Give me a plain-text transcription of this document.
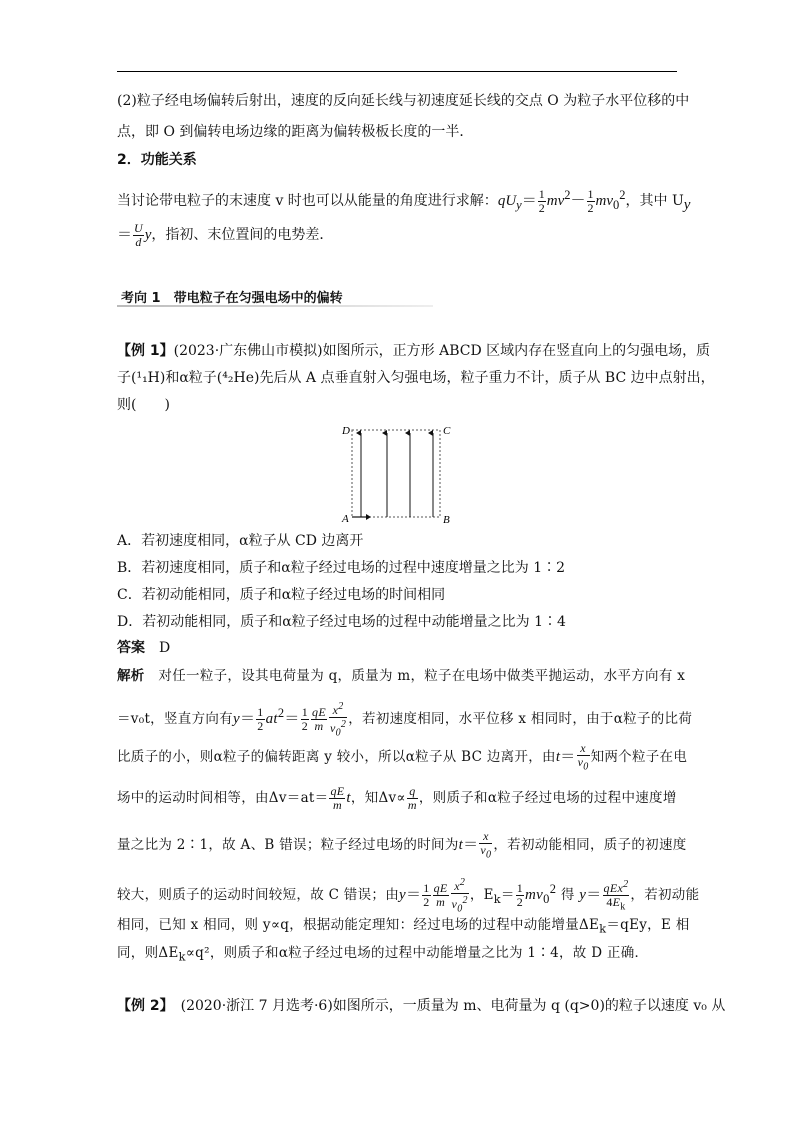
(2)粒子经电场偏转后射出，速度的反向延长线与初速度延长线的交点 O 为粒子水平位移的中
点，即 O 到偏转电场边缘的距离为偏转极板长度的一半．
2．功能关系
当讨论带电粒子的末速度 v 时也可以从能量的角度进行求解：$qU_y= \frac{1}{2} mv^2- \frac{1}{2} mv_0^2$，其中 $U_y$
＝ $\frac{U}{d}$ y，指初、末位置间的电势差．
考向 1　带电粒子在匀强电场中的偏转
【例 1】(2023·广东佛山市模拟)如图所示，正方形 ABCD 区域内存在竖直向上的匀强电场，质
子(¹₁H)和α粒子(⁴₂He)先后从 A 点垂直射入匀强电场，粒子重力不计，质子从 BC 边中点射出，
则(　　)
D	C
A	B
A．若初速度相同，α粒子从 CD 边离开
B．若初速度相同，质子和α粒子经过电场的过程中速度增量之比为 1∶2
C．若初动能相同，质子和α粒子经过电场的时间相同
D．若初动能相同，质子和α粒子经过电场的过程中动能增量之比为 1∶4
答案　 D
解析　 对任一粒子，设其电荷量为 q，质量为 m，粒子在电场中做类平抛运动，水平方向有 x
＝v₀t，竖直方向有$y= \frac{1}{2} at^2= \frac{1}{2} \frac{qE}{m} \frac{x^2}{v_0^2}$ ，若初速度相同，水平位移 x 相同时，由于α粒子的比荷
比质子的小，则α粒子的偏转距离 y 较小，所以α粒子从 BC 边离开，由$t= \frac{x}{v_0}$ 知两个粒子在电
场中的运动时间相等，由$\Delta v=at= \frac{qE}{m}$ t，知$\Delta v\propto \frac{q}{m}$ ，则质子和α粒子经过电场的过程中速度增
量之比为 2∶1，故 A、B 错误；粒子经过电场的时间为$t= \frac{x}{v_0}$ ，若初动能相同，质子的初速度
较大，则质子的运动时间较短，故 C 错误；由$y= \frac{1}{2} \frac{qE}{m} \frac{x^2}{v_0^2}$ ，$E_k= \frac{1}{2} mv_0^2$ 得 $y= \frac{qEx^2}{4E_k}$ ，若初动能
相同，已知 x 相同，则 y∝q，根据动能定理知：经过电场的过程中动能增量$\Delta E_k=qEy$，E 相
同，则$\Delta E_k\propto q^2$，则质子和α粒子经过电场的过程中动能增量之比为 1∶4，故 D 正确．
【例 2】　 (2020·浙江 7 月选考·6)如图所示，一质量为 m、电荷量为 q (q>0)的粒子以速度 v₀ 从
